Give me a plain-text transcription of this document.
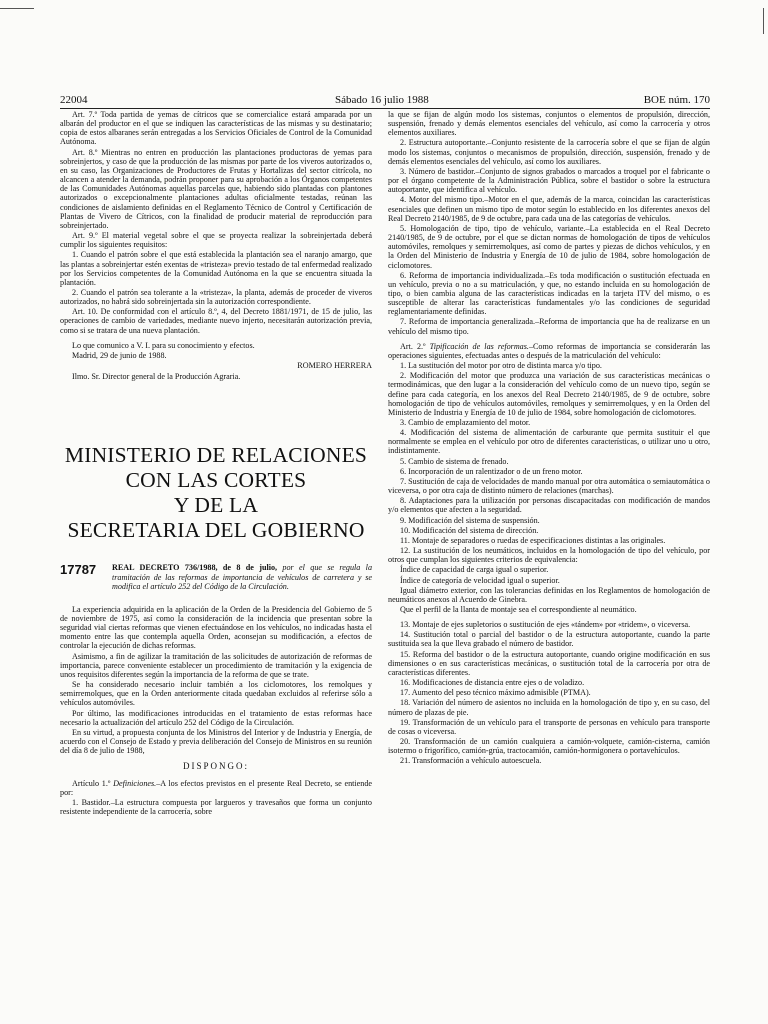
22004	Sábado 16 julio 1988	BOE núm. 170

Art. 7.º Toda partida de yemas de cítricos que se comercialice estará amparada por un albarán del productor en el que se indiquen las características de las mismas y su destinatario; copia de estos albaranes serán entregadas a los Servicios Oficiales de Control de la Comunidad Autónoma.

Art. 8.º Mientras no entren en producción las plantaciones productoras de yemas para sobreinjertos, y caso de que la producción de las mismas por parte de los viveros autorizados o, en su caso, las Organizaciones de Productores de Frutas y Hortalizas del sector citrícola, no alcancen a atender la demanda, podrán proponer para su aprobación a los Órganos competentes de las Comunidades Autónomas aquellas parcelas que, habiendo sido plantadas con plantones autorizados o excepcionalmente plantaciones adultas oficialmente testadas, reúnan las condiciones de aislamiento definidas en el Reglamento Técnico de Control y Certificación de Plantas de Vivero de Cítricos, con la finalidad de producir material de reproducción para sobreinjertado.

Art. 9.º El material vegetal sobre el que se proyecta realizar la sobreinjertada deberá cumplir los siguientes requisitos:

1. Cuando el patrón sobre el que está establecida la plantación sea el naranjo amargo, que las plantas a sobreinjertar estén exentas de «tristeza» previo testado de tal enfermedad realizado por los Servicios competentes de la Comunidad Autónoma en la que se encuentra situada la plantación.

2. Cuando el patrón sea tolerante a la «tristeza», la planta, además de proceder de viveros autorizados, no habrá sido sobreinjertada sin la autorización correspondiente.

Art. 10. De conformidad con el artículo 8.º, 4, del Decreto 1881/1971, de 15 de julio, las operaciones de cambio de variedades, mediante nuevo injerto, necesitarán autorización previa, como si se tratara de una nueva plantación.

Lo que comunico a V. I. para su conocimiento y efectos.

Madrid, 29 de junio de 1988.

ROMERO HERRERA

Ilmo. Sr. Director general de la Producción Agraria.

MINISTERIO DE RELACIONES
CON LAS CORTES
Y DE LA
SECRETARIA DEL GOBIERNO
17787	REAL DECRETO 736/1988, de 8 de julio, por el que se regula la tramitación de las reformas de importancia de vehículos de carretera y se modifica el artículo 252 del Código de la Circulación.

La experiencia adquirida en la aplicación de la Orden de la Presidencia del Gobierno de 5 de noviembre de 1975, así como la consideración de la incidencia que presentan sobre la seguridad vial ciertas reformas que vienen efectuándose en los vehículos, no indicadas hasta el momento entre las que contempla aquella Orden, aconsejan su modificación, a efectos de controlar la ejecución de dichas reformas.

Asimismo, a fin de agilizar la tramitación de las solicitudes de autorización de reformas de importancia, parece conveniente establecer un procedimiento de tramitación y la exigencia de unos requisitos diferentes según la importancia de la reforma de que se trate.

Se ha considerado necesario incluir también a los ciclomotores, los remolques y semirremolques, que en la Orden anteriormente citada quedaban excluidos al referirse sólo a vehículos automóviles.

Por último, las modificaciones introducidas en el tratamiento de estas reformas hace necesario la actualización del artículo 252 del Código de la Circulación.

En su virtud, a propuesta conjunta de los Ministros del Interior y de Industria y Energía, de acuerdo con el Consejo de Estado y previa deliberación del Consejo de Ministros en su reunión del día 8 de julio de 1988,

DISPONGO:

Artículo 1.º Definiciones.–A los efectos previstos en el presente Real Decreto, se entiende por:

1. Bastidor.–La estructura compuesta por largueros y travesaños que forma un conjunto resistente independiente de la carrocería, sobre

la que se fijan de algún modo los sistemas, conjuntos o elementos de propulsión, dirección, suspensión, frenado y demás elementos esenciales del vehículo, así como la carrocería y otros elementos auxiliares.

2. Estructura autoportante.–Conjunto resistente de la carrocería sobre el que se fijan de algún modo los sistemas, conjuntos o mecanismos de propulsión, dirección, suspensión, frenado y de demás elementos esenciales del vehículo, así como los auxiliares.

3. Número de bastidor.–Conjunto de signos grabados o marcados a troquel por el fabricante o por el órgano competente de la Administración Pública, sobre el bastidor o sobre la estructura autoportante, que identifica al vehículo.

4. Motor del mismo tipo.–Motor en el que, además de la marca, coincidan las características esenciales que definen un mismo tipo de motor según lo establecido en los diferentes anexos del Real Decreto 2140/1985, de 9 de octubre, para cada una de las categorías de vehículos.

5. Homologación de tipo, tipo de vehículo, variante.–La establecida en el Real Decreto 2140/1985, de 9 de octubre, por el que se dictan normas de homologación de tipos de vehículos automóviles, remolques y semirremolques, así como de partes y piezas de dichos vehículos, y en la Orden del Ministerio de Industria y Energía de 10 de julio de 1984, sobre homologación de ciclomotores.

6. Reforma de importancia individualizada.–Es toda modificación o sustitución efectuada en un vehículo, previa o no a su matriculación, y que, no estando incluida en su homologación de tipo, o bien cambia alguna de las características indicadas en la tarjeta ITV del mismo, o es susceptible de alterar las características fundamentales y/o las condiciones de seguridad reglamentariamente definidas.

7. Reforma de importancia generalizada.–Reforma de importancia que ha de realizarse en un vehículo del mismo tipo.

Art. 2.º Tipificación de las reformas.–Como reformas de importancia se considerarán las operaciones siguientes, efectuadas antes o después de la matriculación del vehículo:

1. La sustitución del motor por otro de distinta marca y/o tipo.

2. Modificación del motor que produzca una variación de sus características mecánicas o termodinámicas, que den lugar a la consideración del vehículo como de un nuevo tipo, según se define para cada categoría, en los anexos del Real Decreto 2140/1985, de 9 de octubre, sobre homologación de tipo de vehículos automóviles, remolques y semirremolques, y en la Orden del Ministerio de Industria y Energía de 10 de julio de 1984, sobre homologación de ciclomotores.

3. Cambio de emplazamiento del motor.

4. Modificación del sistema de alimentación de carburante que permita sustituir el que normalmente se emplea en el vehículo por otro de diferentes características, o utilizar uno u otro, indistintamente.

5. Cambio de sistema de frenado.

6. Incorporación de un ralentizador o de un freno motor.

7. Sustitución de caja de velocidades de mando manual por otra automática o semiautomática o viceversa, o por otra caja de distinto número de relaciones (marchas).

8. Adaptaciones para la utilización por personas discapacitadas con modificación de mandos y/o elementos que afecten a la seguridad.

9. Modificación del sistema de suspensión.

10. Modificación del sistema de dirección.

11. Montaje de separadores o ruedas de especificaciones distintas a las originales.

12. La sustitución de los neumáticos, incluidos en la homologación de tipo del vehículo, por otros que cumplan los siguientes criterios de equivalencia:

Índice de capacidad de carga igual o superior.

Índice de categoría de velocidad igual o superior.

Igual diámetro exterior, con las tolerancias definidas en los Reglamentos de homologación de neumáticos anexos al Acuerdo de Ginebra.

Que el perfil de la llanta de montaje sea el correspondiente al neumático.

13. Montaje de ejes supletorios o sustitución de ejes «tándem» por «tridem», o viceversa.

14. Sustitución total o parcial del bastidor o de la estructura autoportante, cuando la parte sustituida sea la que lleva grabado el número de bastidor.

15. Reforma del bastidor o de la estructura autoportante, cuando origine modificación en sus dimensiones o en sus características mecánicas, o sustitución total de la carrocería por otra de características diferentes.

16. Modificaciones de distancia entre ejes o de voladizo.

17. Aumento del peso técnico máximo admisible (PTMA).

18. Variación del número de asientos no incluida en la homologación de tipo y, en su caso, del número de plazas de pie.

19. Transformación de un vehículo para el transporte de personas en vehículo para transporte de cosas o viceversa.

20. Transformación de un camión cualquiera a camión-volquete, camión-cisterna, camión isotermo o frigorífico, camión-grúa, tractocamión, camión-hormigonera o portavehículos.

21. Transformación a vehículo autoescuela.
